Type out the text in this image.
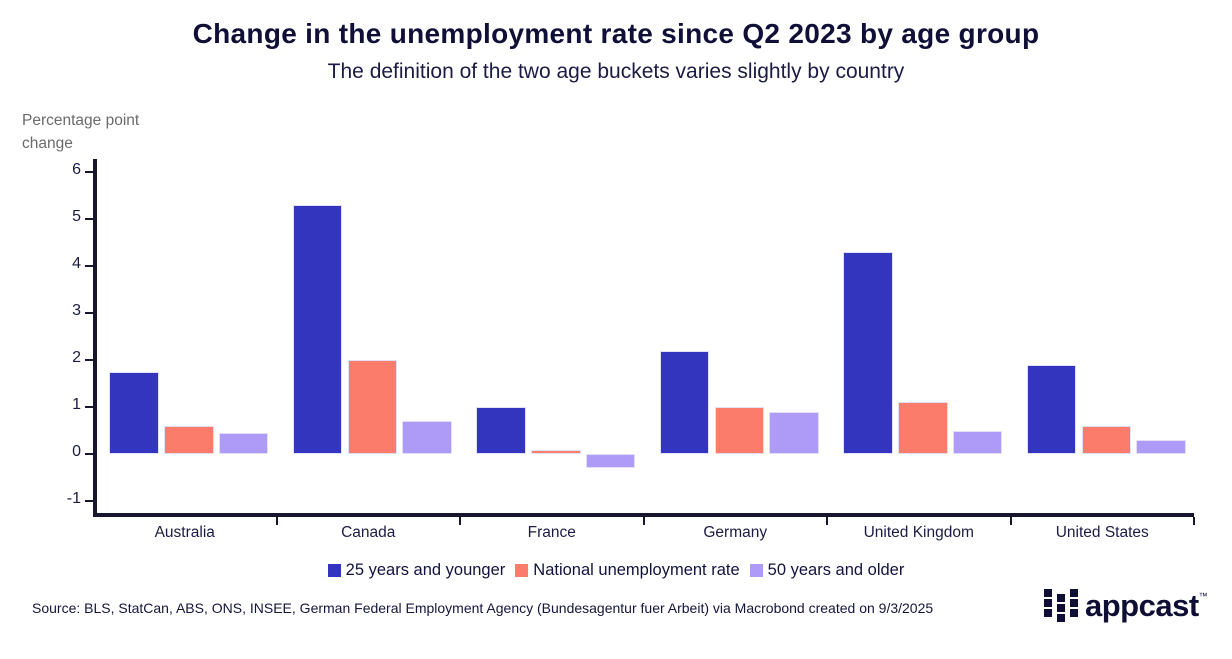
Change in the unemployment rate since Q2 2023 by age group
The definition of the two age buckets varies slightly by country
Percentage point change
6
5
4
3
2
1
0
-1
25 years and younger National unemployment rate 50 years and older
Source: BLS, StatCan, ABS, ONS, INSEE, German Federal Employment Agency (Bundesagentur fuer Arbeit) via Macrobond created on 9/3/2025	appcast ™
Australia	Canada	France	Germany	United Kingdom	United States
